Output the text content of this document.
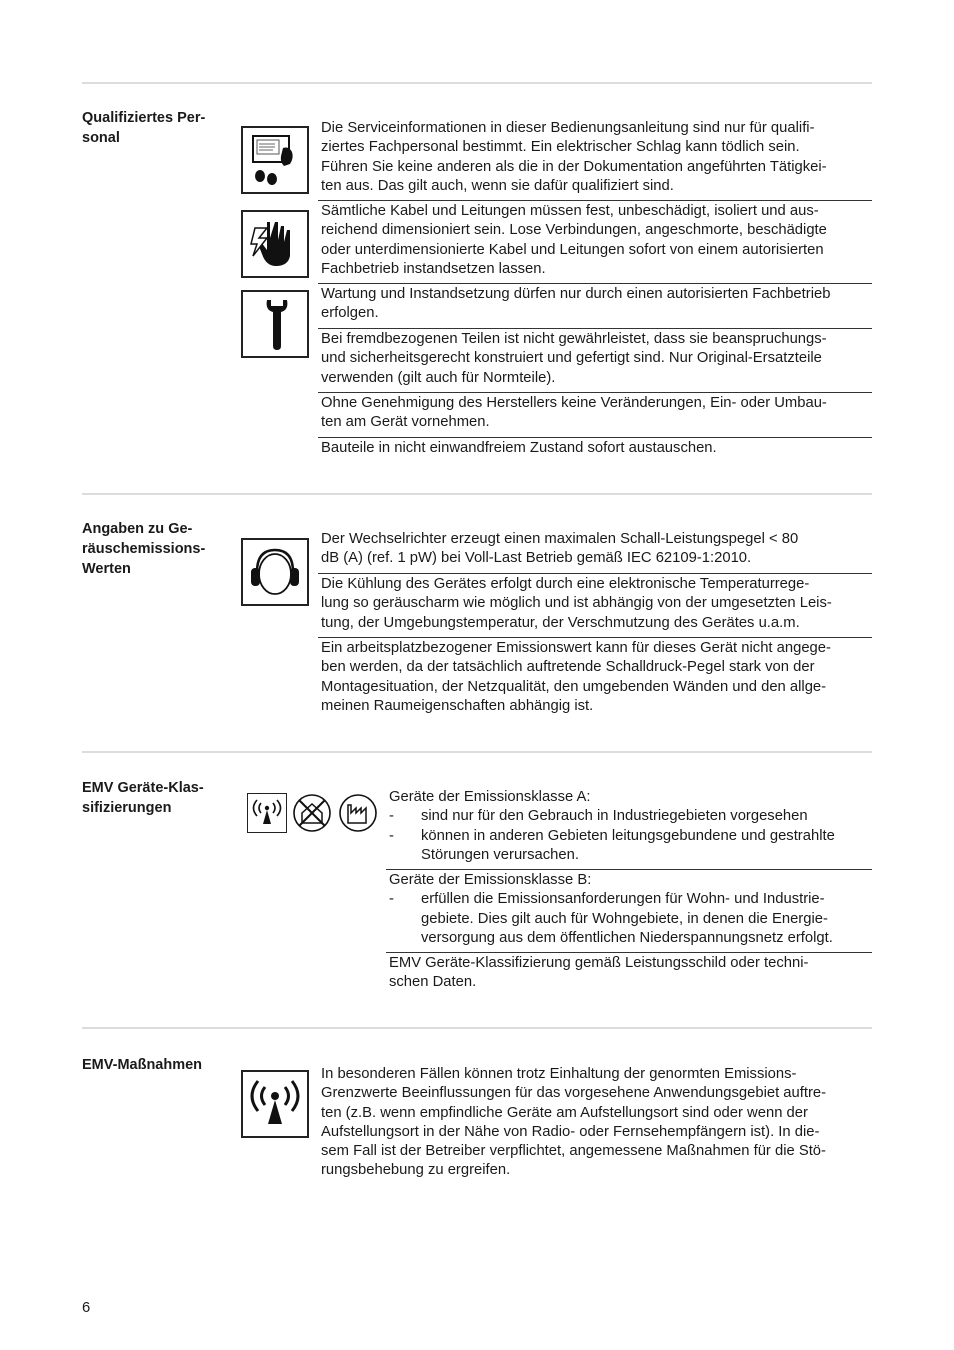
Qualifiziertes Per-
sonal
Die Serviceinformationen in dieser Bedienungsanleitung sind nur für qualifi-
ziertes Fachpersonal bestimmt. Ein elektrischer Schlag kann tödlich sein.
Führen Sie keine anderen als die in der Dokumentation angeführten Tätigkei-
ten aus. Das gilt auch, wenn sie dafür qualifiziert sind.
Sämtliche Kabel und Leitungen müssen fest, unbeschädigt, isoliert und aus-
reichend dimensioniert sein. Lose Verbindungen, angeschmorte, beschädigte
oder unterdimensionierte Kabel und Leitungen sofort von einem autorisierten
Fachbetrieb instandsetzen lassen.
Wartung und Instandsetzung dürfen nur durch einen autorisierten Fachbetrieb
erfolgen.
Bei fremdbezogenen Teilen ist nicht gewährleistet, dass sie beanspruchungs-
und sicherheitsgerecht konstruiert und gefertigt sind. Nur Original-Ersatzteile
verwenden (gilt auch für Normteile).
Ohne Genehmigung des Herstellers keine Veränderungen, Ein- oder Umbau-
ten am Gerät vornehmen.
Bauteile in nicht einwandfreiem Zustand sofort austauschen.
Angaben zu Ge-
räuschemissions-
Werten
Der Wechselrichter erzeugt einen maximalen Schall-Leistungspegel < 80
dB (A) (ref. 1 pW) bei Voll-Last Betrieb gemäß IEC 62109-1:2010.
Die Kühlung des Gerätes erfolgt durch eine elektronische Temperaturrege-
lung so geräuscharm wie möglich und ist abhängig von der umgesetzten Leis-
tung, der Umgebungstemperatur, der Verschmutzung des Gerätes u.a.m.
Ein arbeitsplatzbezogener Emissionswert kann für dieses Gerät nicht angege-
ben werden, da der tatsächlich auftretende Schalldruck-Pegel stark von der
Montagesituation, der Netzqualität, den umgebenden Wänden und den allge-
meinen Raumeigenschaften abhängig ist.
EMV Geräte-Klas-
sifizierungen
Geräte der Emissionsklasse A:
- sind nur für den Gebrauch in Industriegebieten vorgesehen
- können in anderen Gebieten leitungsgebundene und gestrahlte
Störungen verursachen.
Geräte der Emissionsklasse B:
- erfüllen die Emissionsanforderungen für Wohn- und Industrie-
gebiete. Dies gilt auch für Wohngebiete, in denen die Energie-
versorgung aus dem öffentlichen Niederspannungsnetz erfolgt.
EMV Geräte-Klassifizierung gemäß Leistungsschild oder techni-
schen Daten.
EMV-Maßnahmen
In besonderen Fällen können trotz Einhaltung der genormten Emissions-
Grenzwerte Beeinflussungen für das vorgesehene Anwendungsgebiet auftre-
ten (z.B. wenn empfindliche Geräte am Aufstellungsort sind oder wenn der
Aufstellungsort in der Nähe von Radio- oder Fernsehempfängern ist). In die-
sem Fall ist der Betreiber verpflichtet, angemessene Maßnahmen für die Stö-
rungsbehebung zu ergreifen.
6
